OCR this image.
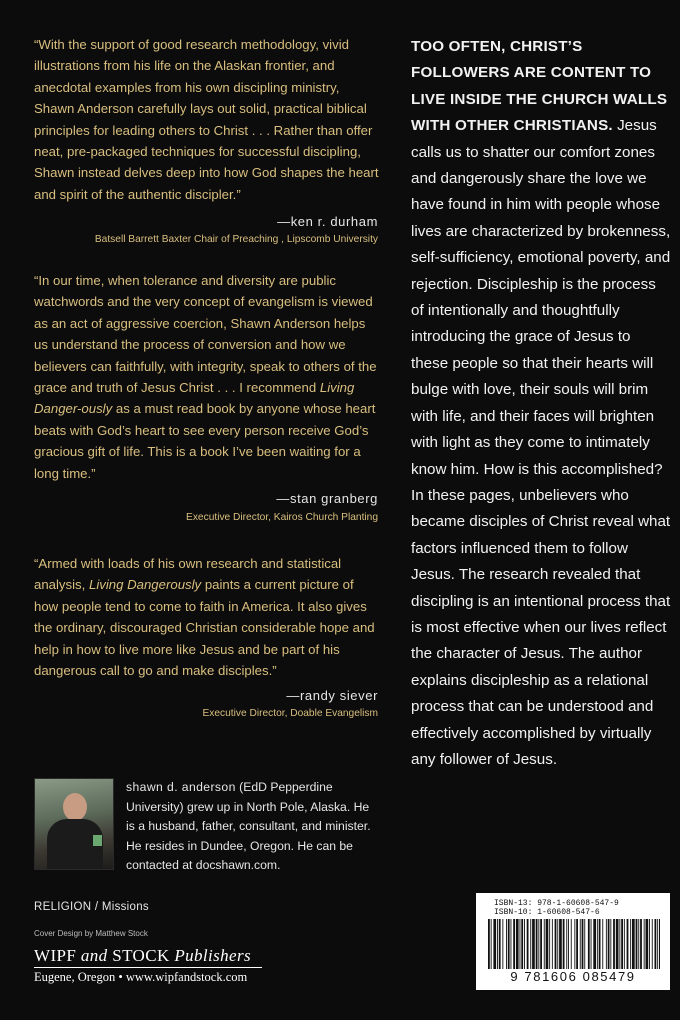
“With the support of good research methodology, vivid illustrations from his life on the Alaskan frontier, and anecdotal examples from his own discipling ministry, Shawn Anderson carefully lays out solid, practical biblical principles for leading others to Christ . . . Rather than offer neat, pre-packaged techniques for successful discipling, Shawn instead delves deep into how God shapes the heart and spirit of the authentic discipler.”

—ken r. durham
Batsell Barrett Baxter Chair of Preaching , Lipscomb University

“In our time, when tolerance and diversity are public watchwords and the very concept of evangelism is viewed as an act of aggressive coercion, Shawn Anderson helps us understand the process of conversion and how we believers can faithfully, with integrity, speak to others of the grace and truth of Jesus Christ . . . I recommend Living Danger-ously as a must read book by anyone whose heart beats with God’s heart to see every person receive God’s gracious gift of life. This is a book I’ve been waiting for a long time.”

—stan granberg
Executive Director, Kairos Church Planting

“Armed with loads of his own research and statistical analysis, Living Dangerously paints a current picture of how people tend to come to faith in America. It also gives the ordinary, discouraged Christian considerable hope and help in how to live more like Jesus and be part of his dangerous call to go and make disciples.”

—randy siever
Executive Director, Doable Evangelism
TOO OFTEN, CHRIST’S FOLLOWERS ARE CONTENT TO LIVE INSIDE THE CHURCH WALLS WITH OTHER CHRISTIANS. Jesus calls us to shatter our comfort zones and dangerously share the love we have found in him with people whose lives are characterized by brokenness, self-sufficiency, emotional poverty, and rejection. Discipleship is the process of intentionally and thoughtfully introducing the grace of Jesus to these people so that their hearts will bulge with love, their souls will brim with life, and their faces will brighten with light as they come to intimately know him. How is this accomplished? In these pages, unbelievers who became disciples of Christ reveal what factors influenced them to follow Jesus. The research revealed that discipling is an intentional process that is most effective when our lives reflect the character of Jesus. The author explains discipleship as a relational process that can be understood and effectively accomplished by virtually any follower of Jesus.
shawn d. anderson (EdD Pepperdine University) grew up in North Pole, Alaska. He is a husband, father, consultant, and minister. He resides in Dundee, Oregon. He can be contacted at docshawn.com.
RELIGION / Missions
Cover Design by Matthew Stock
WIPF and STOCK Publishers
Eugene, Oregon • www.wipfandstock.com
ISBN-13: 978-1-60608-547-9
ISBN-10: 1-60608-547-6
9 781606 085479
